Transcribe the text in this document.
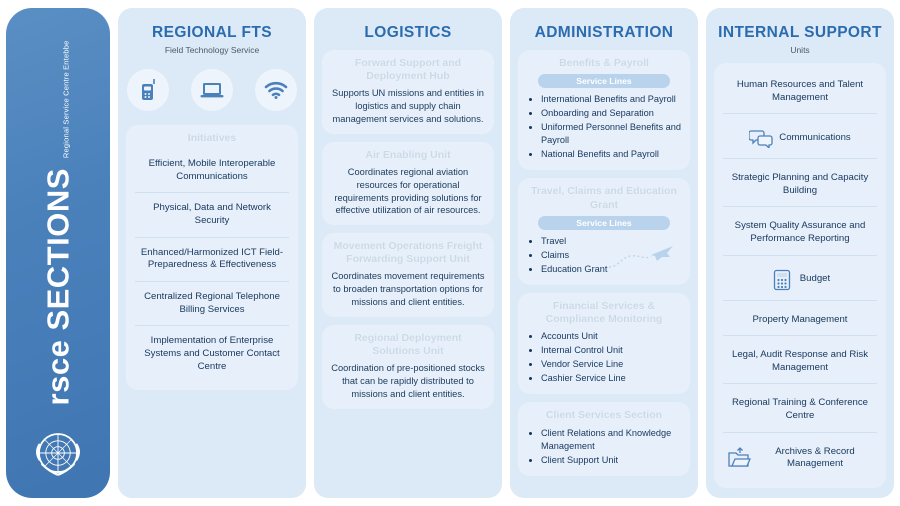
rsce SECTIONS
Regional Service Centre Entebbe
REGIONAL FTS
Field Technology Service
Initiatives
Efficient, Mobile Interoperable Communications
Physical, Data and Network Security
Enhanced/Harmonized ICT Field-Preparedness & Effectiveness
Centralized Regional Telephone Billing Services
Implementation of Enterprise Systems and Customer Contact Centre
LOGISTICS
Forward Support and Deployment Hub
Supports UN missions and entities in logistics and supply chain management services and solutions.
Air Enabling Unit
Coordinates regional aviation resources for operational requirements providing solutions for effective utilization of air resources.
Movement Operations Freight Forwarding Support Unit
Coordinates movement requirements to broaden transportation options for missions and client entities.
Regional Deployment Solutions Unit
Coordination of pre-positioned stocks that can be rapidly distributed to missions and client entities.
ADMINISTRATION
Benefits & Payroll
Service Lines
• International Benefits and Payroll
• Onboarding and Separation
• Uniformed Personnel Benefits and Payroll
• National Benefits and Payroll
Travel, Claims and Education Grant
Service Lines
• Travel
• Claims
• Education Grant
Financial Services & Compliance Monitoring
• Accounts Unit
• Internal Control Unit
• Vendor Service Line
• Cashier Service Line
Client Services Section
• Client Relations and Knowledge Management
• Client Support Unit
INTERNAL SUPPORT
Units
Human Resources and Talent Management
Communications
Strategic Planning and Capacity Building
System Quality Assurance and Performance Reporting
Budget
Property Management
Legal, Audit Response and Risk Management
Regional Training & Conference Centre
Archives & Record Management
